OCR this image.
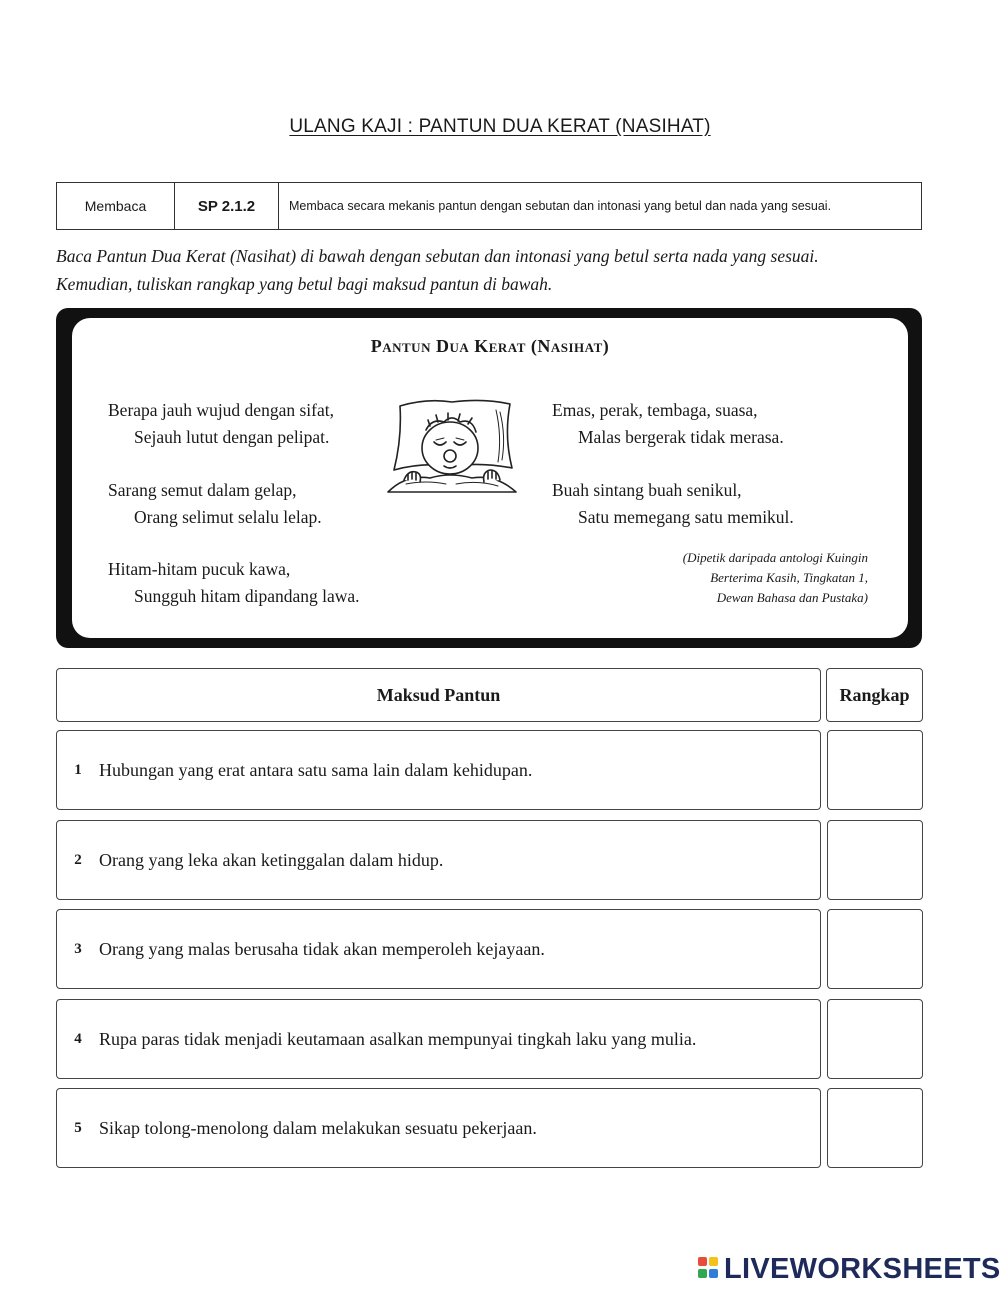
ULANG KAJI : PANTUN DUA KERAT (NASIHAT)
Membaca	SP 2.1.2	Membaca secara mekanis pantun dengan sebutan dan intonasi yang betul dan nada yang sesuai.
Baca Pantun Dua Kerat (Nasihat) di bawah dengan sebutan dan intonasi yang betul serta nada yang sesuai.
Kemudian, tuliskan rangkap yang betul bagi maksud pantun di bawah.
Pantun Dua Kerat (Nasihat)
Berapa jauh wujud dengan sifat,
Sejauh lutut dengan pelipat.
Sarang semut dalam gelap,
Orang selimut selalu lelap.
Hitam-hitam pucuk kawa,
Sungguh hitam dipandang lawa.
Emas, perak, tembaga, suasa,
Malas bergerak tidak merasa.
Buah sintang buah senikul,
Satu memegang satu memikul.
(Dipetik daripada antologi Kuingin
Berterima Kasih, Tingkatan 1,
Dewan Bahasa dan Pustaka)
Maksud Pantun	Rangkap
1 Hubungan yang erat antara satu sama lain dalam kehidupan.
2 Orang yang leka akan ketinggalan dalam hidup.
3 Orang yang malas berusaha tidak akan memperoleh kejayaan.
4 Rupa paras tidak menjadi keutamaan asalkan mempunyai tingkah laku yang mulia.
5 Sikap tolong-menolong dalam melakukan sesuatu pekerjaan.
LIVEWORKSHEETS
